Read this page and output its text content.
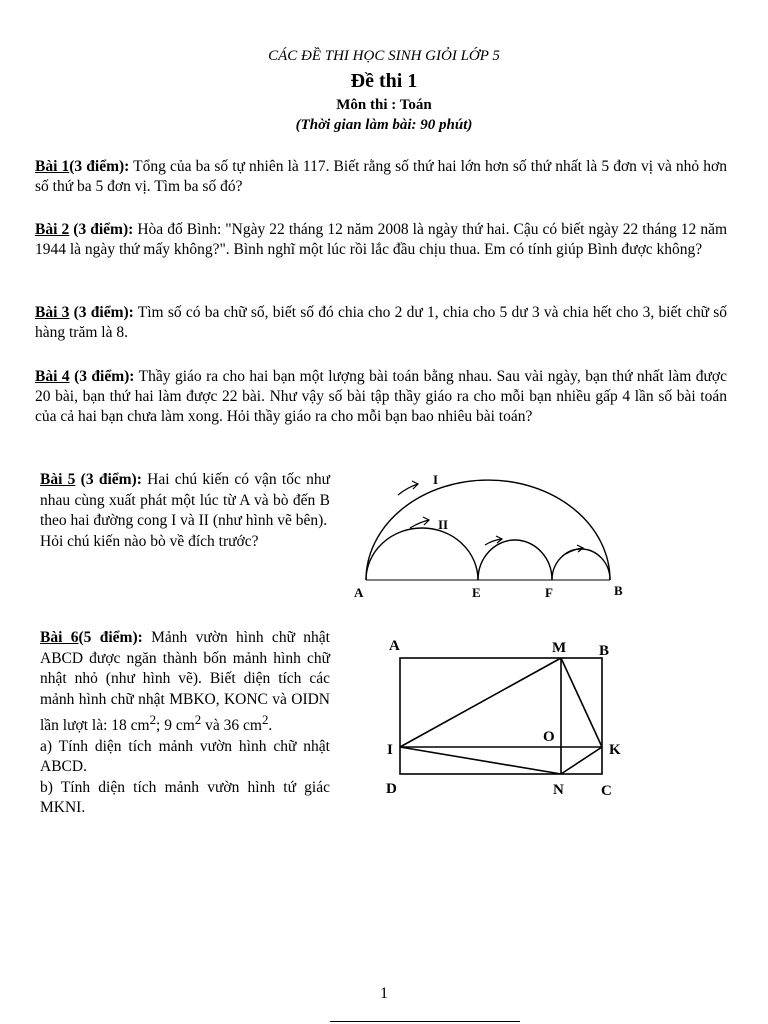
CÁC ĐỀ THI HỌC SINH GIỎI LỚP 5
Đề thi 1
Môn thi : Toán
(Thời gian làm bài: 90 phút)
Bài 1(3 điểm): Tổng của ba số tự nhiên là 117. Biết rằng số thứ hai lớn hơn số thứ nhất là 5 đơn vị và nhỏ hơn số thứ ba 5 đơn vị. Tìm ba số đó?
Bài 2 (3 điểm): Hòa đố Bình: "Ngày 22 tháng 12 năm 2008 là ngày thứ hai. Cậu có biết ngày 22 tháng 12 năm 1944 là ngày thứ mấy không?". Bình nghĩ một lúc rồi lắc đầu chịu thua. Em có tính giúp Bình được không?
Bài 3 (3 điểm): Tìm số có ba chữ số, biết số đó chia cho 2 dư 1, chia cho 5 dư 3 và chia hết cho 3, biết chữ số hàng trăm là 8.
Bài 4 (3 điểm): Thầy giáo ra cho hai bạn một lượng bài toán bằng nhau. Sau vài ngày, bạn thứ nhất làm được 20 bài, bạn thứ hai làm được 22 bài. Như vậy số bài tập thầy giáo ra cho mỗi bạn nhiều gấp 4 lần số bài toán của cả hai bạn chưa làm xong. Hỏi thầy giáo ra cho mỗi bạn bao nhiêu bài toán?
Bài 5 (3 điểm): Hai chú kiến có vận tốc như nhau cùng xuất phát một lúc từ A và bò đến B theo hai đường cong I và II (như hình vẽ bên).
Hỏi chú kiến nào bò về đích trước?
A	E	F	B
I
II
Bài 6(5 điểm): Mảnh vườn hình chữ nhật ABCD được ngăn thành bốn mảnh hình chữ nhật nhỏ (như hình vẽ). Biết diện tích các mảnh hình chữ nhật MBKO, KONC và OIDN lần lượt là: 18 $cm^2$; 9 $cm^2$ và 36 $cm^2$.
a) Tính diện tích mảnh vườn hình chữ nhật ABCD.
b) Tính diện tích mảnh vườn hình tứ giác MKNI.
A	M B
I
O
K
D	N C
1
